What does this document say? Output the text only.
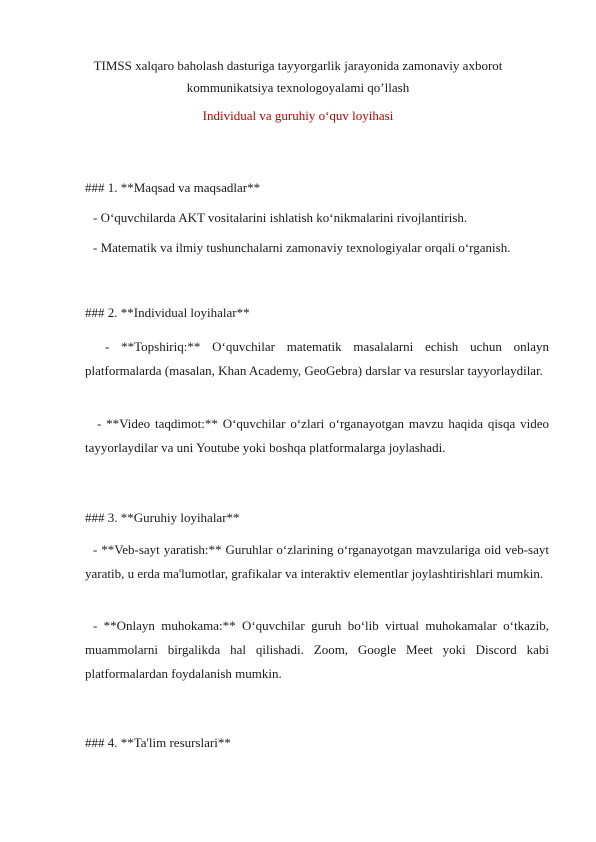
TIMSS xalqaro baholash dasturiga tayyorgarlik jarayonida zamonaviy axborot
kommunikatsiya texnologoyalami qo’llash
Individual va guruhiy o‘quv loyihasi

### 1. **Maqsad va maqsadlar**

- O‘quvchilarda AKT vositalarini ishlatish ko‘nikmalarini rivojlantirish.

- Matematik va ilmiy tushunchalarni zamonaviy texnologiyalar orqali o‘rganish.

### 2. **Individual loyihalar**

- **Topshiriq:** O‘quvchilar matematik masalalarni echish uchun onlayn platformalarda (masalan, Khan Academy, GeoGebra) darslar va resurslar tayyorlaydilar.

- **Video taqdimot:** O‘quvchilar o‘zlari o‘rganayotgan mavzu haqida qisqa video tayyorlaydilar va uni Youtube yoki boshqa platformalarga joylashadi.

### 3. **Guruhiy loyihalar**

- **Veb-sayt yaratish:** Guruhlar o‘zlarining o‘rganayotgan mavzulariga oid veb-sayt yaratib, u erda ma'lumotlar, grafikalar va interaktiv elementlar joylashtirishlari mumkin.

- **Onlayn muhokama:** O‘quvchilar guruh bo‘lib virtual muhokamalar o‘tkazib, muammolarni birgalikda hal qilishadi. Zoom, Google Meet yoki Discord kabi platformalardan foydalanish mumkin.

### 4. **Ta'lim resurslari**
